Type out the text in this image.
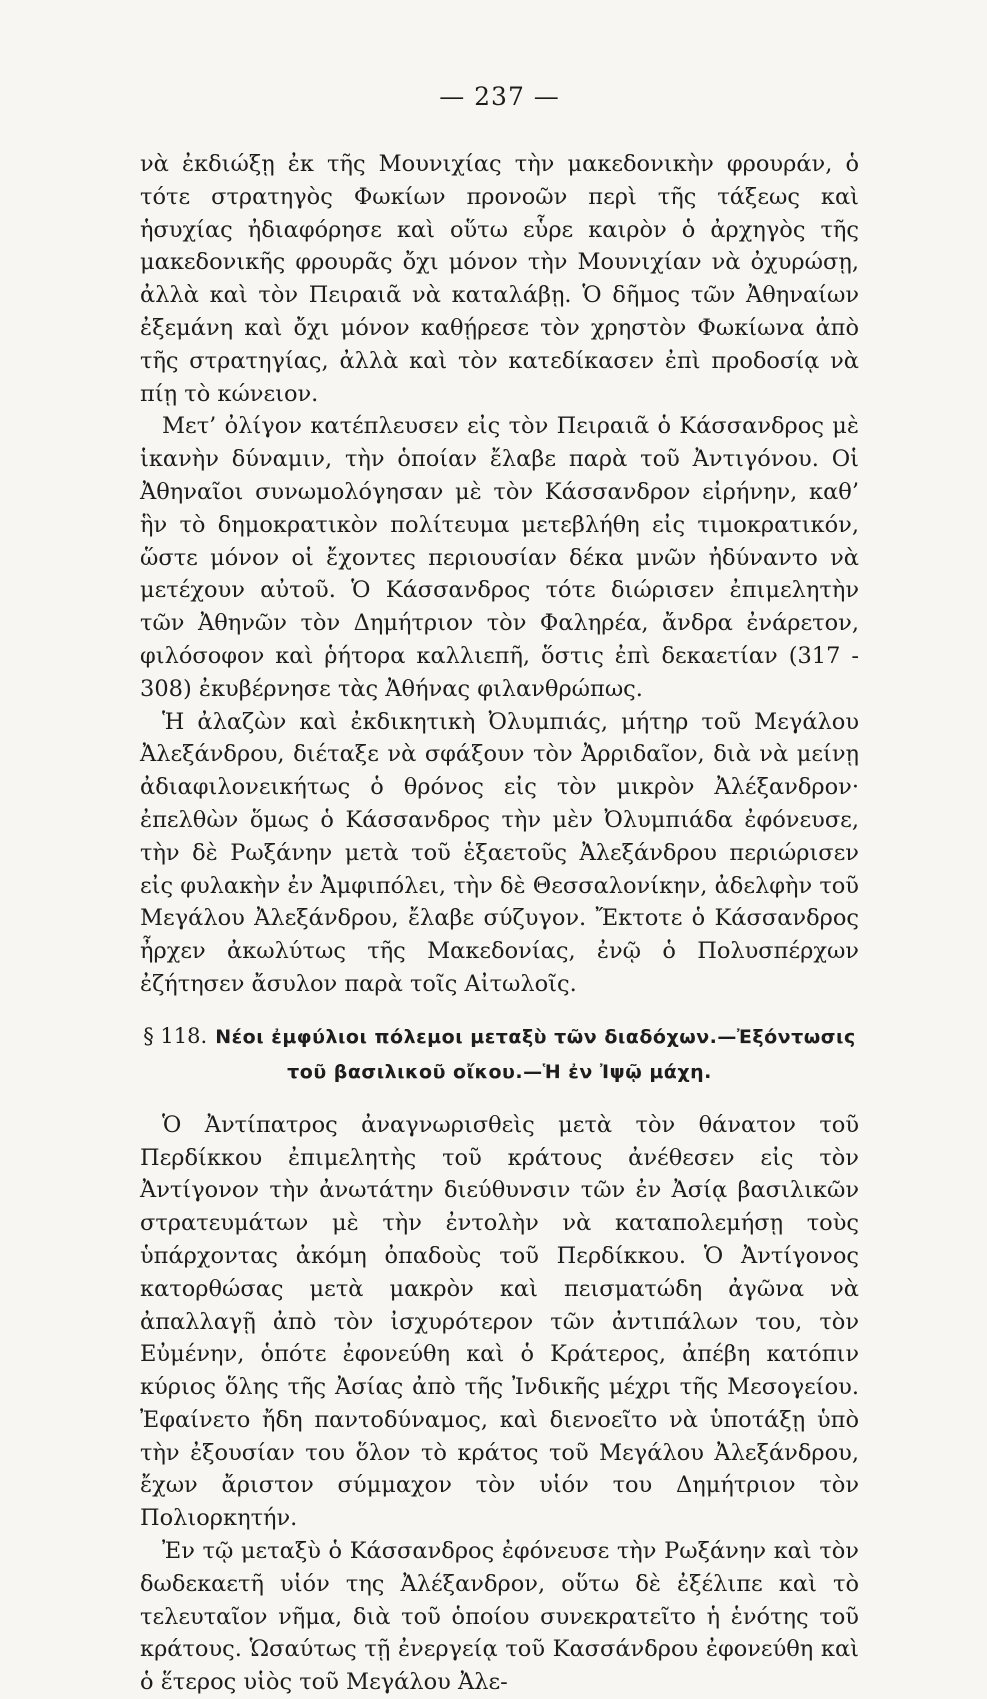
— 237 —

νὰ ἐκδιώξῃ ἐκ τῆς Μουνιχίας τὴν μακεδονικὴν φρουράν, ὁ τότε στρατηγὸς Φωκίων προνοῶν περὶ τῆς τάξεως καὶ ἡσυχίας ἠδιαφόρησε καὶ οὕτω εὗρε καιρὸν ὁ ἀρχηγὸς τῆς μακεδονικῆς φρουρᾶς ὄχι μόνον τὴν Μουνιχίαν νὰ ὀχυρώσῃ, ἀλλὰ καὶ τὸν Πειραιᾶ νὰ καταλάβῃ. Ὁ δῆμος τῶν Ἀθηναίων ἐξεμάνη καὶ ὄχι μόνον καθῄρεσε τὸν χρηστὸν Φωκίωνα ἀπὸ τῆς στρατηγίας, ἀλλὰ καὶ τὸν κατεδίκασεν ἐπὶ προδοσίᾳ νὰ πίῃ τὸ κώνειον.

Μετ’ ὀλίγον κατέπλευσεν εἰς τὸν Πειραιᾶ ὁ Κάσσανδρος μὲ ἱκανὴν δύναμιν, τὴν ὁποίαν ἔλαβε παρὰ τοῦ Ἀντιγόνου. Οἱ Ἀθηναῖοι συνωμολόγησαν μὲ τὸν Κάσσανδρον εἰρήνην, καθ’ ἣν τὸ δημοκρατικὸν πολίτευμα μετεβλήθη εἰς τιμοκρατικόν, ὥστε μόνον οἱ ἔχοντες περιουσίαν δέκα μνῶν ἠδύναντο νὰ μετέχουν αὐτοῦ. Ὁ Κάσσανδρος τότε διώρισεν ἐπιμελητὴν τῶν Ἀθηνῶν τὸν Δημήτριον τὸν Φαληρέα, ἄνδρα ἐνάρετον, φιλόσοφον καὶ ῥήτορα καλλιεπῆ, ὅστις ἐπὶ δεκαετίαν (317 - 308) ἐκυβέρνησε τὰς Ἀθήνας φιλανθρώπως.

Ἡ ἀλαζὼν καὶ ἐκδικητικὴ Ὀλυμπιάς, μήτηρ τοῦ Μεγάλου Ἀλεξάνδρου, διέταξε νὰ σφάξουν τὸν Ἀρριδαῖον, διὰ νὰ μείνῃ ἀδιαφιλονεικήτως ὁ θρόνος εἰς τὸν μικρὸν Ἀλέξανδρον· ἐπελθὼν ὅμως ὁ Κάσσανδρος τὴν μὲν Ὀλυμπιάδα ἐφόνευσε, τὴν δὲ Ρωξάνην μετὰ τοῦ ἑξαετοῦς Ἀλεξάνδρου περιώρισεν εἰς φυλακὴν ἐν Ἀμφιπόλει, τὴν δὲ Θεσσαλονίκην, ἀδελφὴν τοῦ Μεγάλου Ἀλεξάνδρου, ἔλαβε σύζυγον. Ἔκτοτε ὁ Κάσσανδρος ἦρχεν ἀκωλύτως τῆς Μακεδονίας, ἐνῷ ὁ Πολυσπέρχων ἐζήτησεν ἄσυλον παρὰ τοῖς Αἰτωλοῖς.

§ 118. Νέοι ἐμφύλιοι πόλεμοι μεταξὺ τῶν διαδόχων.—Ἐξόντωσις
τοῦ βασιλικοῦ οἴκου.—Ἡ ἐν Ἰψῷ μάχη.

Ὁ Ἀντίπατρος ἀναγνωρισθεὶς μετὰ τὸν θάνατον τοῦ Περδίκκου ἐπιμελητὴς τοῦ κράτους ἀνέθεσεν εἰς τὸν Ἀντίγονον τὴν ἀνωτάτην διεύθυνσιν τῶν ἐν Ἀσίᾳ βασιλικῶν στρατευμάτων μὲ τὴν ἐντολὴν νὰ καταπολεμήσῃ τοὺς ὑπάρχοντας ἀκόμη ὀπαδοὺς τοῦ Περδίκκου. Ὁ Ἀντίγονος κατορθώσας μετὰ μακρὸν καὶ πεισματώδη ἀγῶνα νὰ ἀπαλλαγῇ ἀπὸ τὸν ἰσχυρότερον τῶν ἀντιπάλων του, τὸν Εὐμένην, ὁπότε ἐφονεύθη καὶ ὁ Κράτερος, ἀπέβη κατόπιν κύριος ὅλης τῆς Ἀσίας ἀπὸ τῆς Ἰνδικῆς μέχρι τῆς Μεσογείου. Ἐφαίνετο ἤδη παντοδύναμος, καὶ διενοεῖτο νὰ ὑποτάξῃ ὑπὸ τὴν ἐξουσίαν του ὅλον τὸ κράτος τοῦ Μεγάλου Ἀλεξάνδρου, ἔχων ἄριστον σύμμαχον τὸν υἱόν του Δημήτριον τὸν Πολιορκητήν.

Ἐν τῷ μεταξὺ ὁ Κάσσανδρος ἐφόνευσε τὴν Ρωξάνην καὶ τὸν δωδεκαετῆ υἱόν της Ἀλέξανδρον, οὕτω δὲ ἐξέλιπε καὶ τὸ τελευταῖον νῆμα, διὰ τοῦ ὁποίου συνεκρατεῖτο ἡ ἑνότης τοῦ κράτους. Ὡσαύτως τῇ ἐνεργείᾳ τοῦ Κασσάνδρου ἐφονεύθη καὶ ὁ ἕτερος υἱὸς τοῦ Μεγάλου Ἀλε-
